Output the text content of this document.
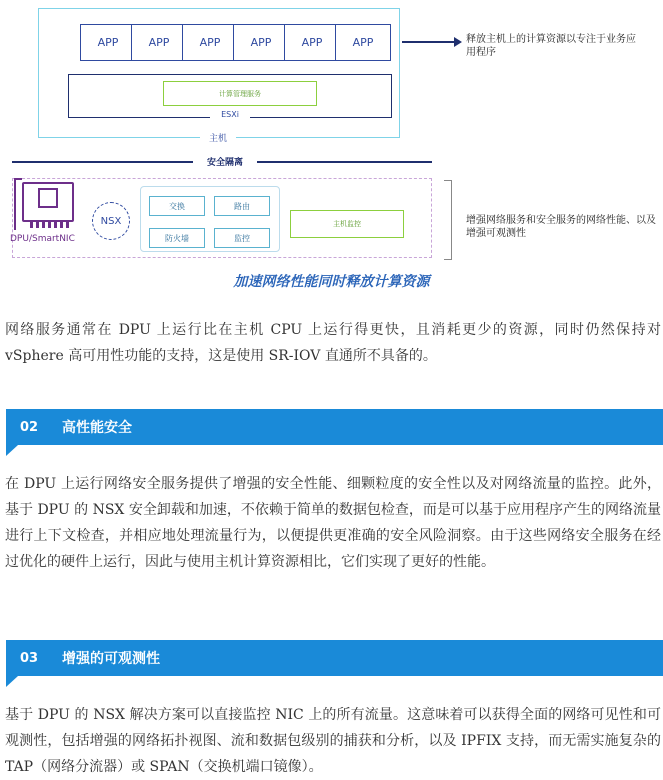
APP	APP	APP	APP	APP	APP
计算管理服务
ESXi
主机
释放主机上的计算资源以专注于业务应用程序
安全隔离
DPU/SmartNIC
NSX
交换	路由
防火墙	监控
主机监控	增强网络服务和安全服务的网络性能、以及增强可观测性
加速网络性能同时释放计算资源
网络服务通常在 DPU 上运行比在主机 CPU 上运行得更快，且消耗更少的资源，同时仍然保持对 vSphere 高可用性功能的支持，这是使用 SR-IOV 直通所不具备的。
02	高性能安全
在 DPU 上运行网络安全服务提供了增强的安全性能、细颗粒度的安全性以及对网络流量的监控。此外，基于 DPU 的 NSX 安全卸载和加速，不依赖于简单的数据包检查，而是可以基于应用程序产生的网络流量进行上下文检查，并相应地处理流量行为，以便提供更准确的安全风险洞察。由于这些网络安全服务在经过优化的硬件上运行，因此与使用主机计算资源相比，它们实现了更好的性能。
03	增强的可观测性
基于 DPU 的 NSX 解决方案可以直接监控 NIC 上的所有流量。这意味着可以获得全面的网络可见性和可观测性，包括增强的网络拓扑视图、流和数据包级别的捕获和分析，以及 IPFIX 支持，而无需实施复杂的 TAP（网络分流器）或 SPAN（交换机端口镜像）。
